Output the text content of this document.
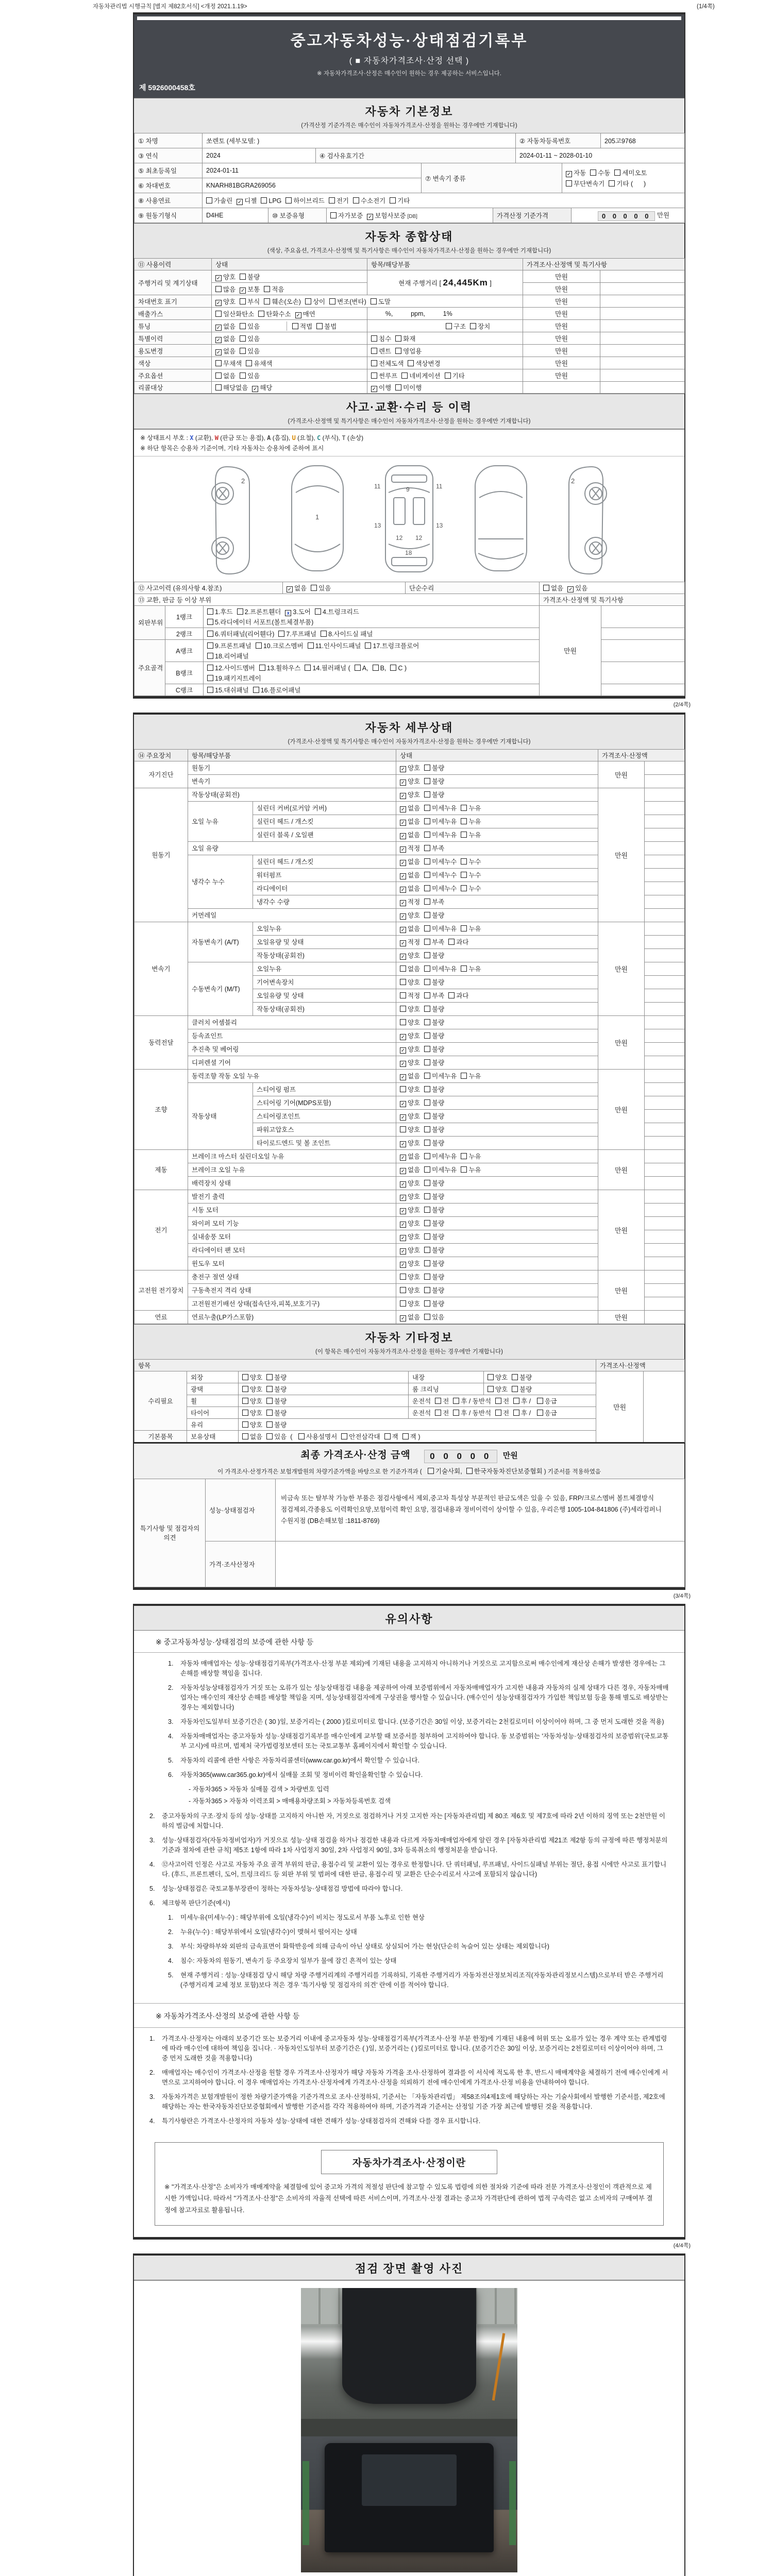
자동차관리법 시행규칙 [별지 제82호서식] <개정 2021.1.19>	(1/4쪽)
중고자동차성능·상태점검기록부
( ■ 자동차가격조사·산정 선택 )
※ 자동차가격조사·산정은 매수인이 원하는 경우 제공하는 서비스입니다.
제 5926000458호
자동차 기본정보
(가격산정 기준가격은 매수인이 자동차가격조사·산정을 원하는 경우에만 기재합니다)
① 차명	쏘렌토 (세부모델: )	② 자동차등록번호	205고9768
③ 연식	2024	④ 검사유효기간	2024-01-11 ~ 2028-01-10
⑤ 최초등록일	2024-01-11	⑦ 변속기 종류	✓ 자동 수동 세미오토
무단변속기 기타 (      )

⑥ 차대번호	KNARH81BGRA269056		
⑧ 사용연료	가솔린 ✓ 디젤 LPG 하이브리드 전기 수소전기 기타
⑨ 원동기형식	D4HE	⑩ 보증유형	자가보증 ✓ 보험사보증 [DB]	가격산정 기준가격	0 0 0 0 0 만원
자동차 종합상태
(색상, 주요옵션, 가격조사·산정액 및 특기사항은 매수인이 자동차가격조사·산정을 원하는 경우에만 기재합니다)
⑪ 사용이력	상태	항목/해당부품	가격조사·산정액 및 특기사항	
주행거리 및 계기상태	✓ 양호 불량	현재 주행거리 [ 24,445Km ]	만원	
	많음 ✓ 보통 적음		만원	
차대번호 표기	✓ 양호 부식 훼손(오손) 상이 변조(변타) 도말		만원	
배출가스	일산화탄소 탄화수소 ✓ 매연	%,          ppm,          1%	만원	
튜닝	✓ 없음 있음 적법 불법	구조 장치	만원	
특별이력	✓ 없음 있음	침수 화재	만원	
용도변경	✓ 없음 있음	렌트 영업용	만원	
색상	무채색 유채색	전체도색 색상변경	만원	
주요옵션	없음 있음	썬루프 네비게이션 기타	만원	
리콜대상	해당없음 ✓ 해당	✓ 이행 미이행		
사고·교환·수리 등 이력
(가격조사·산정액 및 특기사항은 매수인이 자동차가격조사·산정을 원하는 경우에만 기재합니다)
※ 상태표시 부호 : X (교환), W (판금 또는 용접), A (흠집), U (요철), C (부식), T (손상)
※ 하단 항목은 승용차 기준이며, 기타 자동차는 승용차에 준하여 표시
2
1
11	11
9
13	13
12 12
18
2
⑫ 사고이력 (유의사항 4.참조)	✓ 없음 있음	단순수리	없음 ✓ 있음
⑬ 교환, 판금 등 이상 부위			가격조사·산정액 및 특기사항
외판부위	1랭크	1.후드 2.프론트휀더 x 3.도어 4.트렁크리드
5.라디에이터 서포트(볼트체결부품)	만원	
	2랭크	6.쿼터패널(리어휀다) 7.루프패널 8.사이드실 패널		
주요골격	A랭크	9.프론트패널 10.크로스멤버 11.인사이드패널 17.트렁크플로어
18.리어패널		

	B랭크	12.사이드멤버 13.휠하우스 14.필러패널 ( A, B, C )
19.패키지트레이		

	C랭크	15.대쉬패널 16.플로어패널		
(2/4쪽)
자동차 세부상태
(가격조사·산정액 및 특기사항은 매수인이 자동차가격조사·산정을 원하는 경우에만 기재합니다)
⑭ 주요장치	항목/해당부품		상태	가격조사·산정액	
자기진단	원동기		✓ 양호 불량	만원	
	변속기		✓ 양호 불량		
원동기	작동상태(공회전)		✓ 양호 불량	만원	
	오일 누유	실린더 커버(로커암 커버)	✓ 없음 미세누유 누유		
		실린더 헤드 / 개스킷	✓ 없음 미세누유 누유		
		실린더 블록 / 오일팬	✓ 없음 미세누유 누유		
	오일 유량		✓ 적정 부족		
	냉각수 누수	실린더 헤드 / 개스킷	✓ 없음 미세누수 누수		
		워터펌프	✓ 없음 미세누수 누수		
		라디에이터	✓ 없음 미세누수 누수		
		냉각수 수량	✓ 적정 부족		
	커먼레일		✓ 양호 불량		
변속기	자동변속기 (A/T)	오일누유	✓ 없음 미세누유 누유	만원	
		오일유량 및 상태	✓ 적정 부족 과다		
		작동상태(공회전)	✓ 양호 불량		
	수동변속기 (M/T)	오일누유	없음 미세누유 누유		
		기어변속장치	양호 불량		
		오일유량 및 상태	적정 부족 과다		
		작동상태(공회전)	양호 불량		
동력전달	클러치 어셈블리		양호 불량	만원	
	등속죠인트		✓ 양호 불량		
	추진축 및 베어링		✓ 양호 불량		
	디퍼렌셜 기어		✓ 양호 불량		
조향	동력조향 작동 오일 누유		✓ 없음 미세누유 누유	만원	
	작동상태	스티어링 펌프	양호 불량		
		스티어링 기어(MDPS포함)	✓ 양호 불량		
		스티어링조인트	✓ 양호 불량		
		파워고압호스	양호 불량		
		타이로드엔드 및 볼 조인트	✓ 양호 불량		
제동	브레이크 마스터 실린더오일 누유		✓ 없음 미세누유 누유	만원	
	브레이크 오일 누유		✓ 없음 미세누유 누유		
	배력장치 상태		✓ 양호 불량		
전기	발전기 출력		✓ 양호 불량	만원	
	시동 모터		✓ 양호 불량		
	와이퍼 모터 기능		✓ 양호 불량		
	실내송풍 모터		✓ 양호 불량		
	라디에이터 팬 모터		✓ 양호 불량		
	윈도우 모터		✓ 양호 불량		
고전원 전기장치	충전구 절연 상태		양호 불량	만원	
	구동축전지 격리 상태		양호 불량		
	고전원전기배선 상태(접속단자,피복,보호기구)		양호 불량		
연료	연료누출(LP가스포함)		✓ 없음 있음	만원	
자동차 기타정보
(이 항목은 매수인이 자동차가격조사·산정을 원하는 경우에만 기재합니다)
항목					가격조사·산정액	
수리필요	외장	양호 불량	내장	양호 불량	만원	
	광택	양호 불량	룸 크리닝	양호 불량		
	휠	양호 불량	운전석 전 후 / 동반석 전 후 / 응급			
	타이어	양호 불량	운전석 전 후 / 동반석 전 후 / 응급			
	유리	양호 불량				
기본품목	보유상태	없음 있음  ( 사용설명서 안전삼각대 잭 잭 )				
최종 가격조사·산정 금액 0 0 0 0 0 만원
이 가격조사·산정가격은 보험개발원의 차량기준가액을 바탕으로 한 기준가격과 ( 기술사회, 한국자동차진단보증협회 ) 기준서를 적용하였음
특기사항 및 점검자의 의견	성능·상태점검자	비금속 또는 탈부착 가능한 부품은 점검사항에서 제외,중고차 특성상 부분적인 판금도색은 있을 수 있음, FRP/크로스멤버 볼트체결방식 점검제외,각종용도 이력확인요망,보험이력 확인 요망, 점검내용과 정비이력이 상이할 수 있음, 우리은행 1005-104-841806 (주)세라컴퍼니 수원지점 (DB손해보험 :1811-8769)
	가격·조사산정자	
(3/4쪽)
유의사항
※ 중고자동차성능·상태점검의 보증에 관한 사항 등
1.	자동차 매매업자는 성능·상태점검기록부(가격조사·산정 부분 제외)에 기재된 내용을 고지하지 아니하거나 거짓으로 고지함으로써 매수인에게 재산상 손해가 발생한 경우에는 그 손해를 배상할 책임을 집니다.
2.	자동차성능상태점검자가 거짓 또는 오류가 있는 성능상태점검 내용을 제공하여 아래 보증범위에서 자동차매매업자가 고지한 내용과 자동차의 실제 상태가 다른 경우, 자동차매매업자는 매수인의 재산상 손해를 배상할 책임을 지며, 성능상태점검자에게 구상권을 행사할 수 있습니다. (매수인이 성능상태점검자가 가입한 책임보험 등을 통해 별도로 배상받는 경우는 제외합니다)
3.	자동차인도일부터 보증기간은 ( 30 )일, 보증거리는 ( 2000 )킬로미터로 합니다. (보증기간은 30일 이상, 보증거리는 2천킬로미터 이상이어야 하며, 그 중 먼저 도래한 것을 적용)
4.	자동차매매업자는 중고자동차 성능·상태점검기록부를 매수인에게 교부할 때 보증서를 첨부하여 고지하여야 합니다. 동 보증범위는 '자동차성능·상태점검자의 보증범위'(국토교통부 고시)에 따르며, 법제처 국가법령정보센터 또는 국토교통부 홈페이지에서 확인할 수 있습니다.
5.	자동차의 리콜에 관한 사항은 자동차리콜센터(www.car.go.kr)에서 확인할 수 있습니다.
6.	자동차365(www.car365.go.kr)에서 실매물 조회 및 정비이력 확인을확인할 수 있습니다.
- 자동차365 > 자동차 실매물 검색 > 차량번호 입력
- 자동차365 > 자동차 이력조회 > 매매용차량조회 > 자동차등록번호 검색
2.	중고자동차의 구조·장치 등의 성능·상태를 고지하지 아니한 자, 거짓으로 점검하거나 거짓 고지한 자는 [자동차관리법] 제 80조 제6호 및 제7호에 따라 2년 이하의 징역 또는 2천만원 이하의 벌금에 처합니다.
3.	성능·상태점검자(자동차정비업자)가 거짓으로 성능·상태 점검을 하거나 점검한 내용과 다르게 자동차매매업자에게 알린 경우 [자동차관리법 제21조 제2항 등의 규정에 따른 행정처분의 기준과 절차에 관한 규칙] 제5조 1항에 따라 1차 사업정지 30일, 2차 사업정지 90일, 3차 등록취소의 행정처분을 받습니다.
4.	⑫사고이력 인정은 사고로 자동차 주요 골격 부위의 판금, 용접수리 및 교환이 있는 경우로 한정합니다. 단 쿼터패널, 루프패널, 사이드실패널 부위는 절단, 용접 시에만 사고로 표기합니다. (후드, 프론트펜더, 도어, 트렁크리드 등 외판 부위 및 범퍼에 대한 판금, 용접수리 및 교환은 단순수리로서 사고에 포함되지 않습니다)
5.	성능·상태점검은 국토교통부장관이 정하는 자동차성능·상태점검 방법에 따라야 합니다.
6.	체크항목 판단기준(예시)
1.	미세누유(미세누수) : 해당부위에 오일(냉각수)이 비치는 정도로서 부품 노후로 인한 현상
2.	누유(누수) : 해당부위에서 오일(냉각수)이 맺혀서 떨어지는 상태
3.	부식: 차량하부와 외판의 금속표면이 화학반응에 의해 금속이 아닌 상태로 상실되어 가는 현상(단순히 녹슬어 있는 상태는 제외합니다)
4.	침수: 자동차의 원동기, 변속기 등 주요장치 일부가 물에 잠긴 흔적이 있는 상태
5.	현재 주행거리 : 성능·상태점검 당시 해당 차량 주행거리계의 주행거리를 기록하되, 기록한 주행거리가 자동차전산정보처리조직(자동차관리정보시스템)으로부터 받은 주행거리(주행거리계 교체 정보 포함)보다 적은 경우 '특기사항 및 점검자의 의견' 란에 이를 적어야 합니다.
※ 자동차가격조사·산정의 보증에 관한 사항 등
1.	가격조사·산정자는 아래의 보증기간 또는 보증거리 이내에 중고자동차 성능·상태점검기록부(가격조사·산정 부분 한정)에 기재된 내용에 허위 또는 오류가 있는 경우 계약 또는 관계법령에 따라 매수인에 대하여 책임을 집니다. · 자동차인도일부터 보증기간은 ( )일, 보증거리는 ( )킬로미터로 합니다. (보증기간은 30일 이상, 보증거리는 2천킬로미터 이상이어야 하며, 그 중 먼저 도래한 것을 적용합니다)
2.	매매업자는 매수인이 가격조사·산정을 원할 경우 가격조사·산정자가 해당 자동차 가격을 조사·산정하여 결과를 이 서식에 적도록 한 후, 반드시 매매계약을 체결하기 전에 매수인에게 서면으로 고지하여야 합니다. 이 경우 매매업자는 가격조사·산정자에게 가격조사·산정을 의뢰하기 전에 매수인에게 가격조사·산정 비용을 안내하여야 합니다.
3.	자동차가격은 보험개발원이 정한 차량기준가액을 기준가격으로 조사·산정하되, 기준서는 「자동차관리법」 제58조의4제1호에 해당하는 자는 기술사회에서 발행한 기준서를, 제2호에 해당하는 자는 한국자동차진단보증협회에서 발행한 기준서를 각각 적용하여야 하며, 기준가격과 기준서는 산정일 기준 가장 최근에 발행된 것을 적용합니다.
4.	특기사항란은 가격조사·산정자의 자동차 성능·상태에 대한 견해가 성능·상태점검자의 견해와 다를 경우 표시합니다.
자동차가격조사·산정이란
※ "가격조사·산정"은 소비자가 매매계약을 체결함에 있어 중고차 가격의 적절성 판단에 참고할 수 있도록 법령에 의한 절차와 기준에 따라 전문 가격조사·산정인이 객관적으로 제시한 가액입니다. 따라서 "가격조사·산정"은 소비자의 자율적 선택에 따른 서비스이며, 가격조사·산정 결과는 중고차 가격판단에 관하여 법적 구속력은 없고 소비자의 구매여부 결정에 참고자료로 활용됩니다.
(4/4쪽)
점검 장면 촬영 사진
